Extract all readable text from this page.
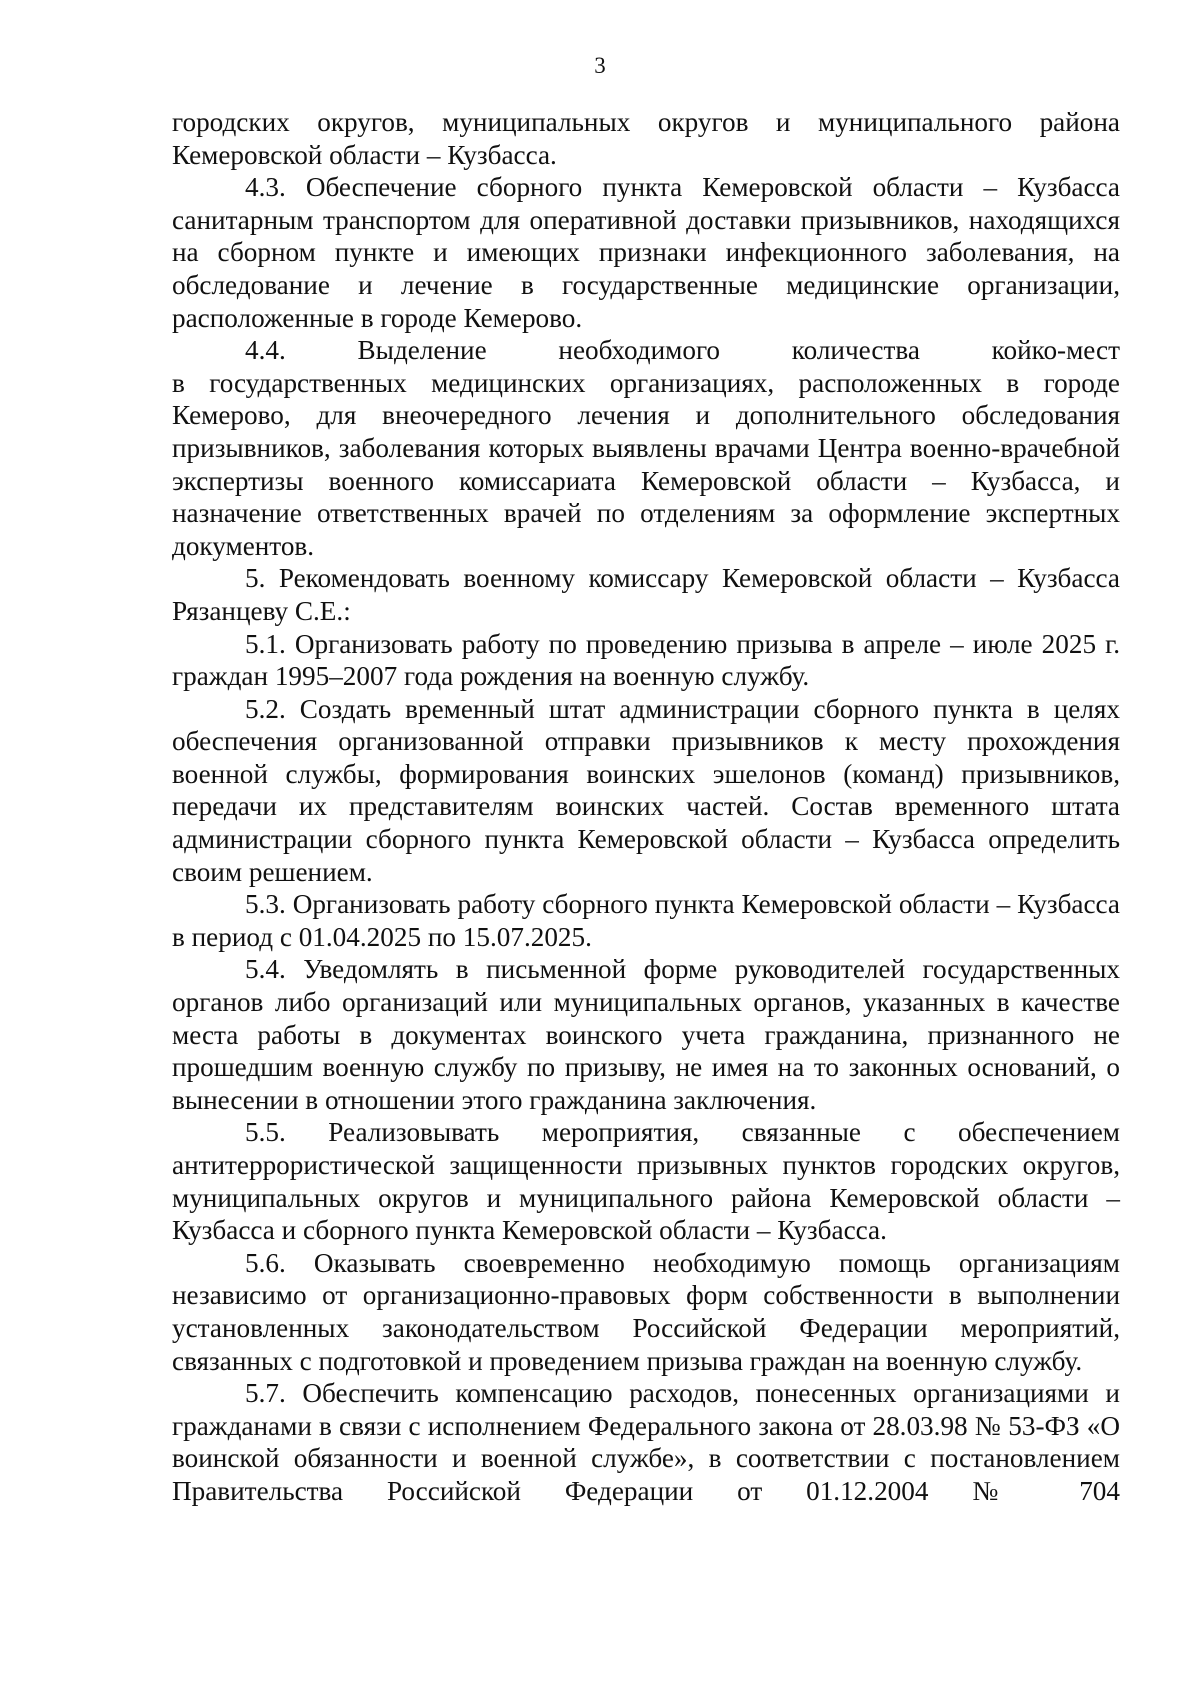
3

городских округов, муниципальных округов и муниципального района Кемеровской области – Кузбасса.

4.3. Обеспечение сборного пункта Кемеровской области – Кузбасса санитарным транспортом для оперативной доставки призывников, находящихся на сборном пункте и имеющих признаки инфекционного заболевания, на обследование и лечение в государственные медицинские организации, расположенные в городе Кемерово.

4.4. Выделение необходимого количества койко-мест

в государственных медицинских организациях, расположенных в городе Кемерово, для внеочередного лечения и дополнительного обследования призывников, заболевания которых выявлены врачами Центра военно-врачебной экспертизы военного комиссариата Кемеровской области – Кузбасса, и назначение ответственных врачей по отделениям за оформление экспертных документов.

5. Рекомендовать военному комиссару Кемеровской области – Кузбасса Рязанцеву С.Е.:

5.1. Организовать работу по проведению призыва в апреле – июле 2025 г. граждан 1995–2007 года рождения на военную службу.

5.2. Создать временный штат администрации сборного пункта в целях обеспечения организованной отправки призывников к месту прохождения военной службы, формирования воинских эшелонов (команд) призывников, передачи их представителям воинских частей. Состав временного штата администрации сборного пункта Кемеровской области – Кузбасса определить своим решением.

5.3. Организовать работу сборного пункта Кемеровской области – Кузбасса в период с 01.04.2025 по 15.07.2025.

5.4. Уведомлять в письменной форме руководителей государственных органов либо организаций или муниципальных органов, указанных в качестве места работы в документах воинского учета гражданина, признанного не прошедшим военную службу по призыву, не имея на то законных оснований, о вынесении в отношении этого гражданина заключения.

5.5. Реализовывать мероприятия, связанные с обеспечением антитеррористической защищенности призывных пунктов городских округов, муниципальных округов и муниципального района Кемеровской области – Кузбасса и сборного пункта Кемеровской области – Кузбасса.

5.6. Оказывать своевременно необходимую помощь организациям независимо от организационно-правовых форм собственности в выполнении установленных законодательством Российской Федерации мероприятий, связанных с подготовкой и проведением призыва граждан на военную службу.

5.7. Обеспечить компенсацию расходов, понесенных организациями и гражданами в связи с исполнением Федерального закона от 28.03.98 № 53-ФЗ «О воинской обязанности и военной службе», в соответствии с постановлением Правительства Российской Федерации от 01.12.2004 № 704
